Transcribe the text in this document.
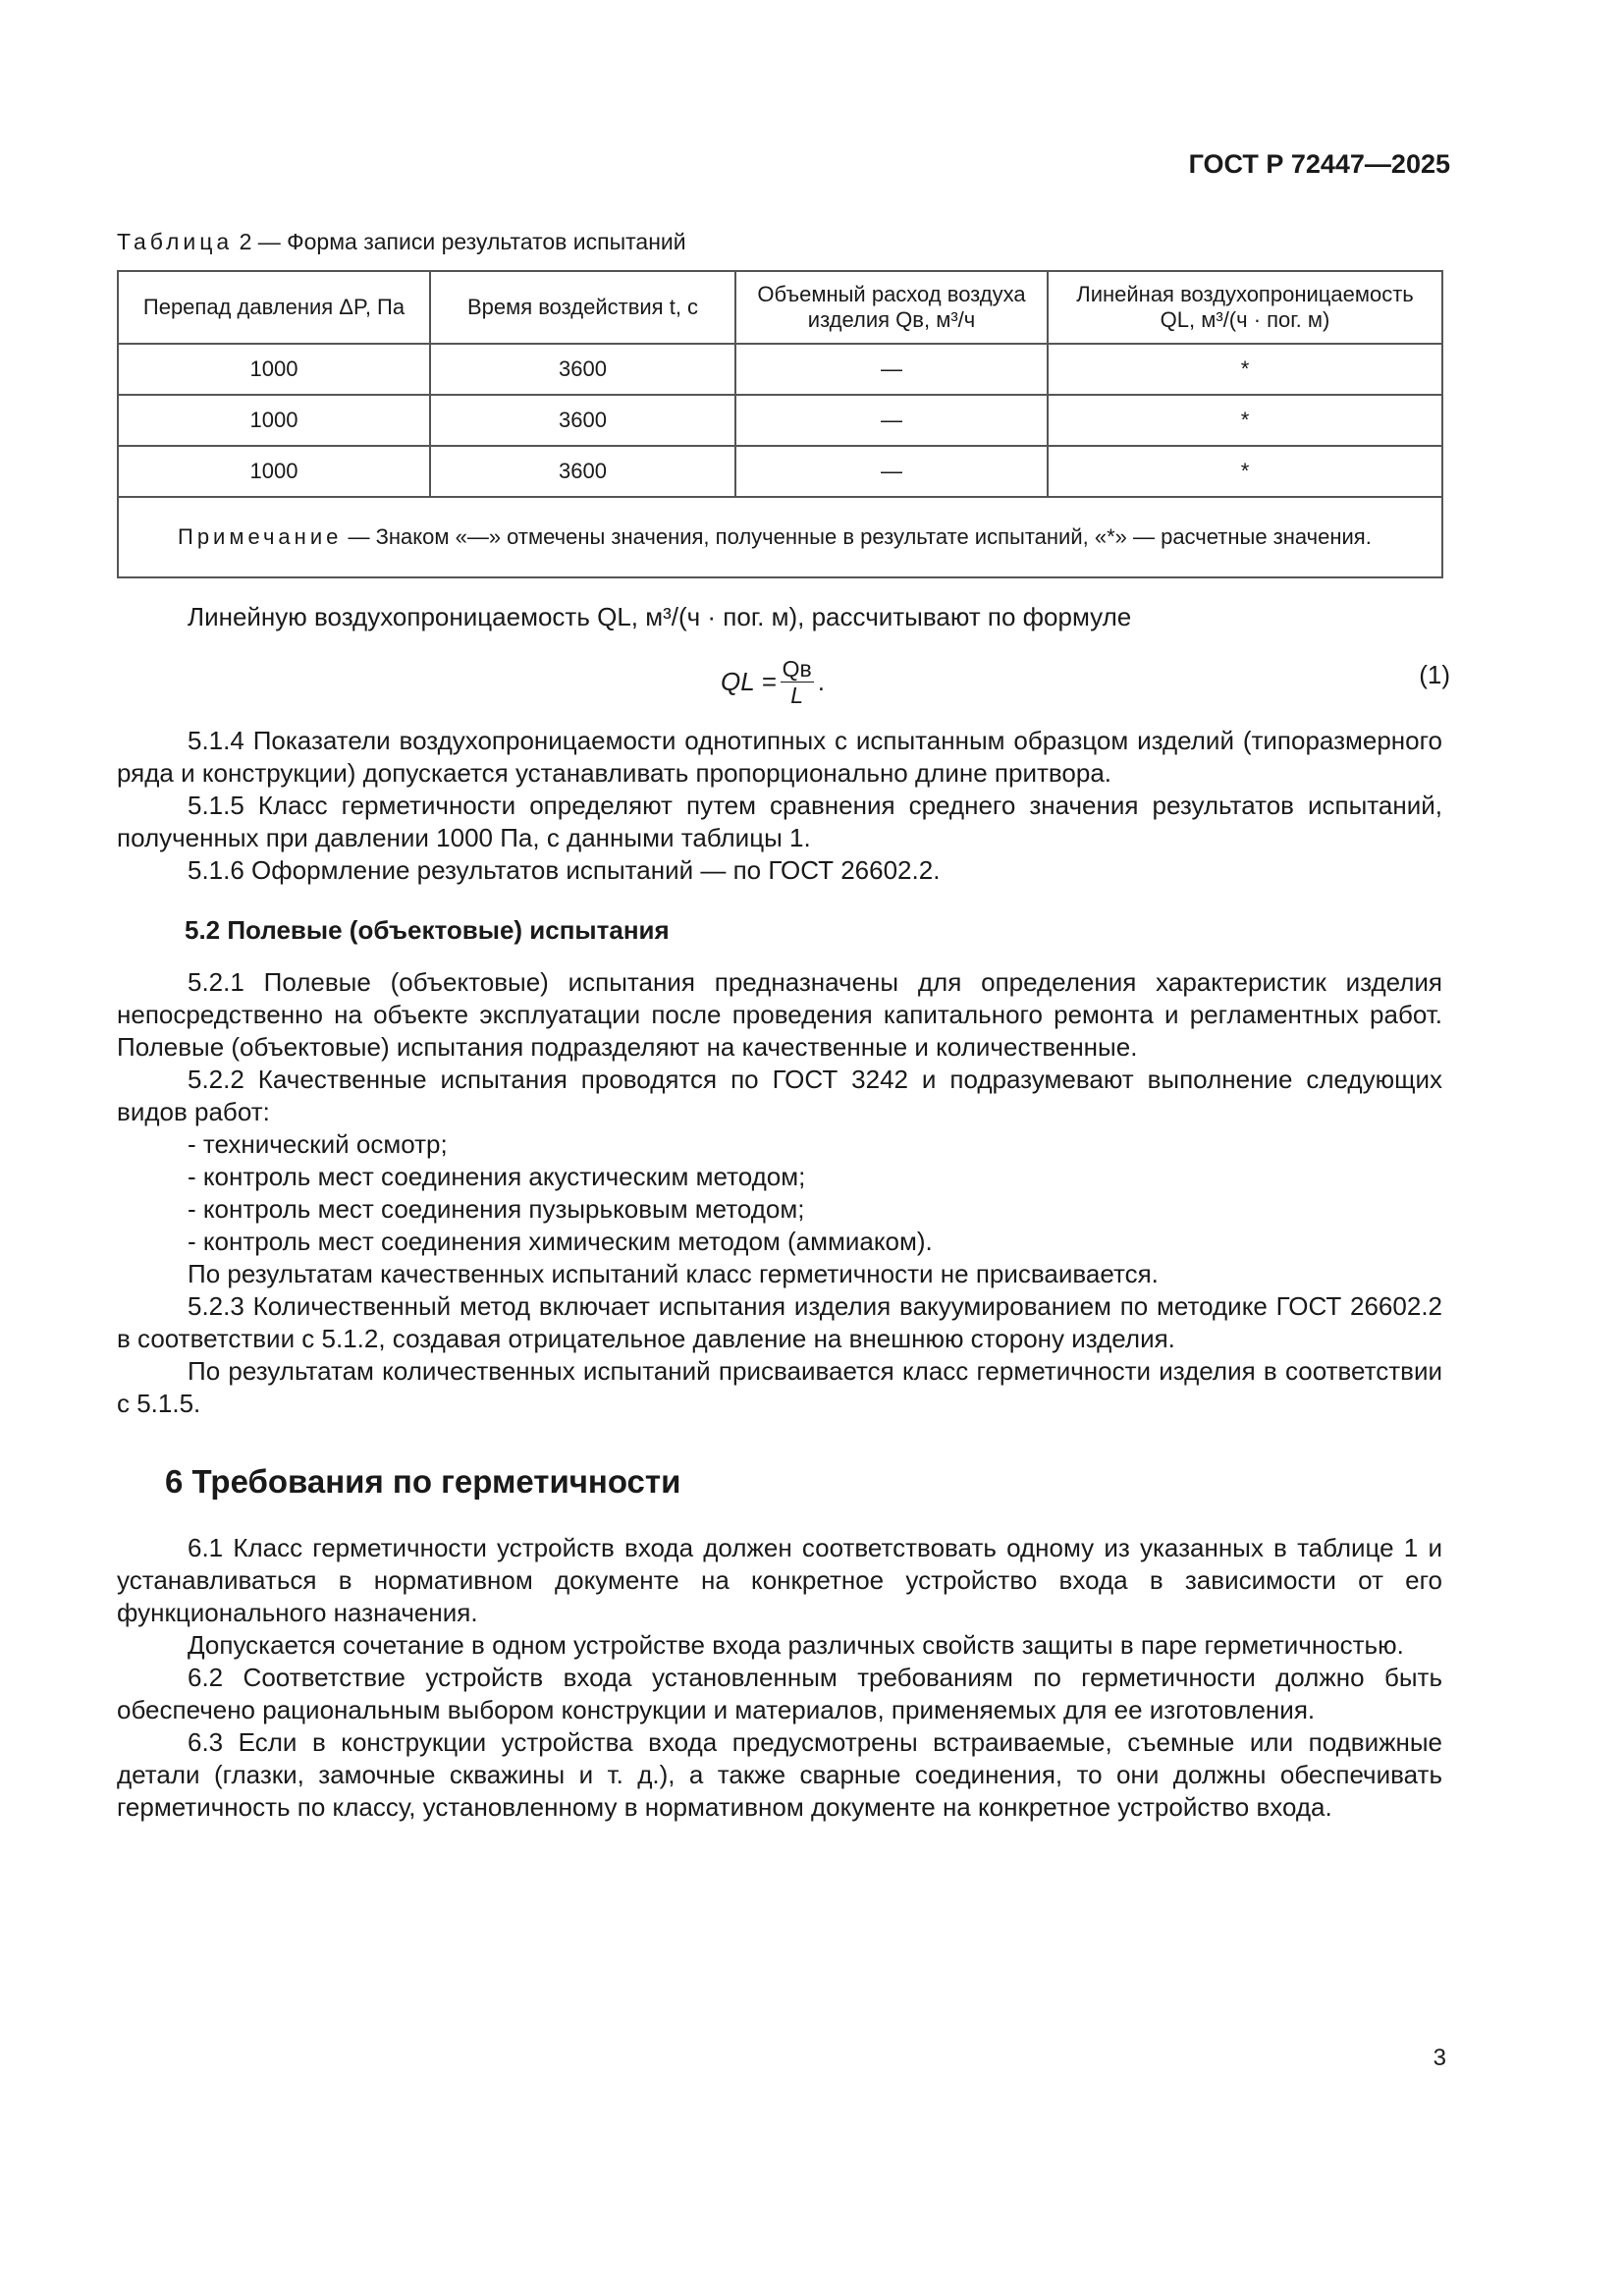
ГОСТ Р 72447—2025
Таблица 2 — Форма записи результатов испытаний
Перепад давления ΔP, Па	Время воздействия t, с	Объемный расход воздуха изделия Qв, м³/ч	Линейная воздухопроницаемость QL, м³/(ч · пог. м)
1000	3600	—	*
1000	3600	—	*
1000	3600	—	*
Примечание — Знаком «—» отмечены значения, полученные в результате испытаний, «*» — расчетные значения.			

Линейную воздухопроницаемость QL, м³/(ч · пог. м), рассчитывают по формуле

QL = $\frac{Qв}{L}$ .	(1)

5.1.4 Показатели воздухопроницаемости однотипных с испытанным образцом изделий (типоразмерного ряда и конструкции) допускается устанавливать пропорционально длине притвора.

5.1.5 Класс герметичности определяют путем сравнения среднего значения результатов испытаний, полученных при давлении 1000 Па, с данными таблицы 1.

5.1.6 Оформление результатов испытаний — по ГОСТ 26602.2.

5.2 Полевые (объектовые) испытания

5.2.1 Полевые (объектовые) испытания предназначены для определения характеристик изделия непосредственно на объекте эксплуатации после проведения капитального ремонта и регламентных работ. Полевые (объектовые) испытания подразделяют на качественные и количественные.

5.2.2 Качественные испытания проводятся по ГОСТ 3242 и подразумевают выполнение следующих видов работ:

- технический осмотр;

- контроль мест соединения акустическим методом;

- контроль мест соединения пузырьковым методом;

- контроль мест соединения химическим методом (аммиаком).

По результатам качественных испытаний класс герметичности не присваивается.

5.2.3 Количественный метод включает испытания изделия вакуумированием по методике ГОСТ 26602.2 в соответствии с 5.1.2, создавая отрицательное давление на внешнюю сторону изделия.

По результатам количественных испытаний присваивается класс герметичности изделия в соответствии с 5.1.5.

6 Требования по герметичности

6.1 Класс герметичности устройств входа должен соответствовать одному из указанных в таблице 1 и устанавливаться в нормативном документе на конкретное устройство входа в зависимости от его функционального назначения.

Допускается сочетание в одном устройстве входа различных свойств защиты в паре герметичностью.

6.2 Соответствие устройств входа установленным требованиям по герметичности должно быть обеспечено рациональным выбором конструкции и материалов, применяемых для ее изготовления.

6.3 Если в конструкции устройства входа предусмотрены встраиваемые, съемные или подвижные детали (глазки, замочные скважины и т. д.), а также сварные соединения, то они должны обеспечивать герметичность по классу, установленному в нормативном документе на конкретное устройство входа.

3
